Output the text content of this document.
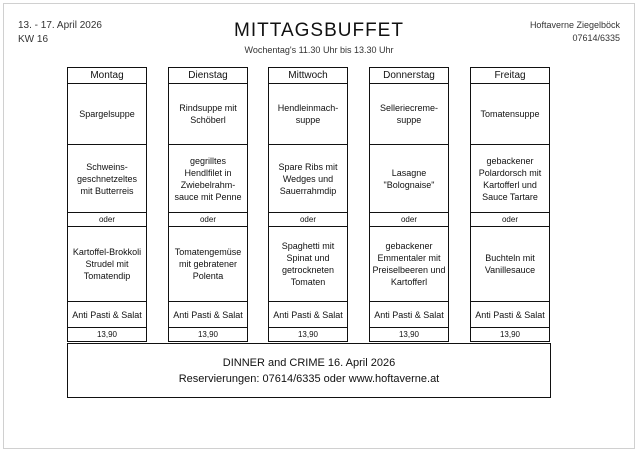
13. - 17. April 2026
KW 16	MITTAGSBUFFET
Wochentag's 11.30 Uhr bis 13.30 Uhr
Hoftaverne Ziegelböck
07614/6335
Montag
Spargelsuppe
Schweins-geschnetzeltes mit Butterreis
oder
Kartoffel-Brokkoli Strudel mit Tomatendip
Anti Pasti & Salat
13,90
Dienstag
Rindsuppe mit Schöberl
gegrilltes Hendlfilet in Zwiebelrahm-sauce mit Penne
oder
Tomatengemüse mit gebratener Polenta
Anti Pasti & Salat
13,90
Mittwoch
Hendleinmach-suppe
Spare Ribs mit Wedges und Sauerrahmdip
oder
Spaghetti mit Spinat und getrockneten Tomaten
Anti Pasti & Salat
13,90
Donnerstag
Selleriecreme-suppe
Lasagne "Bolognaise"
oder
gebackener Emmentaler mit Preiselbeeren und Kartofferl
Anti Pasti & Salat
13,90
Freitag
Tomatensuppe
gebackener Polardorsch mit Kartofferl und Sauce Tartare
oder
Buchteln mit Vanillesauce
Anti Pasti & Salat
13,90
DINNER and CRIME 16. April 2026
Reservierungen: 07614/6335 oder www.hoftaverne.at
